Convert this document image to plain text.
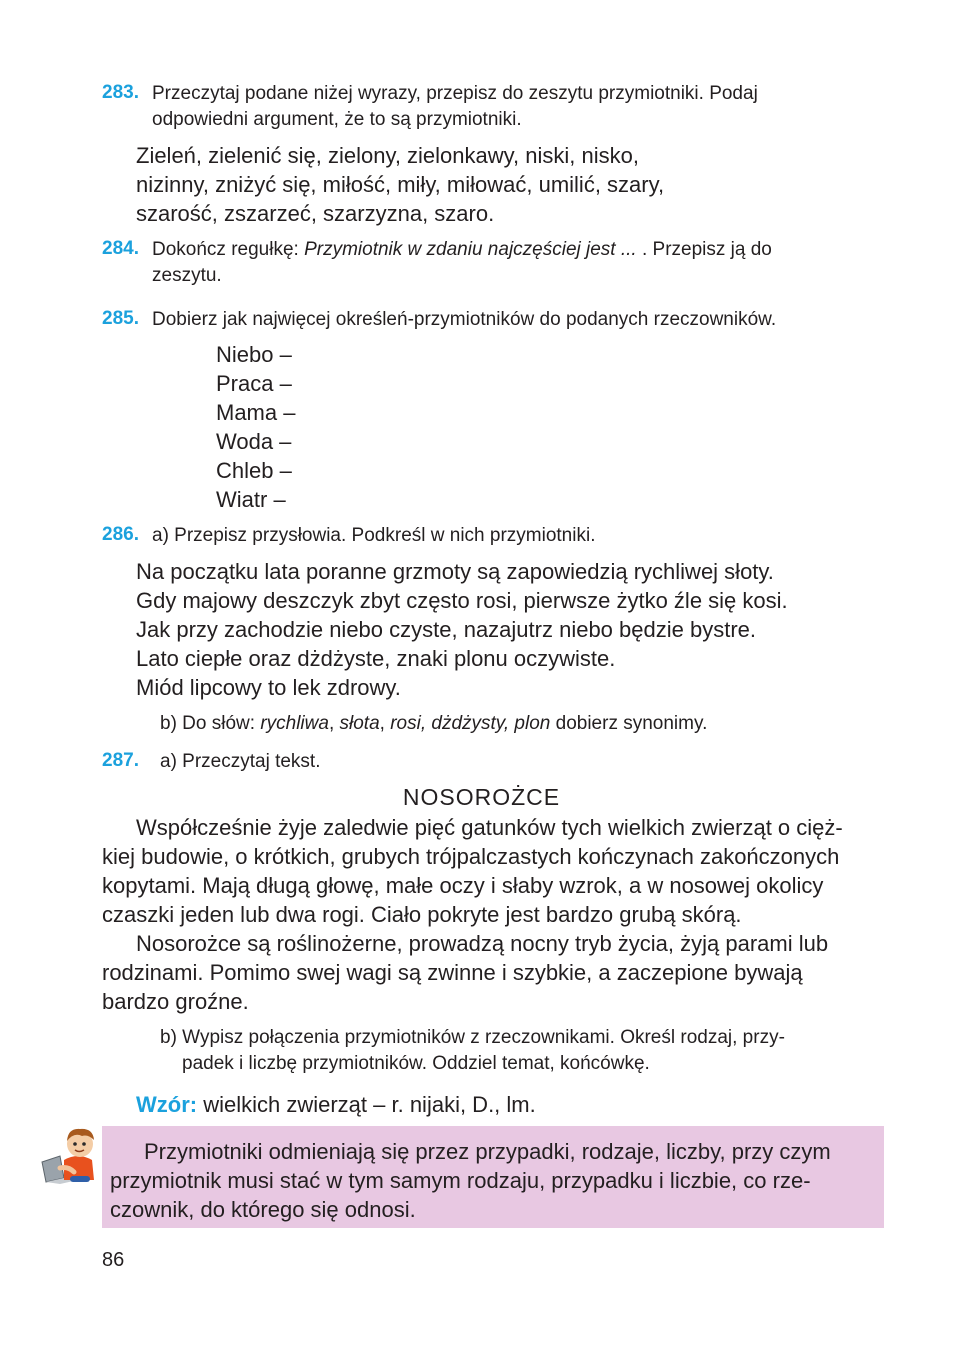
283. Przeczytaj podane niżej wyrazy, przepisz do zeszytu przymiotniki. Podaj
odpowiedni argument, że to są przymiotniki.
Zieleń, zielenić się, zielony, zielonkawy, niski, nisko,
nizinny, zniżyć się, miłość, miły, miłować, umilić, szary,
szarość, zszarzeć, szarzyzna, szaro.
284. Dokończ regułkę: Przymiotnik w zdaniu najczęściej jest ... . Przepisz ją do
zeszytu.
285. Dobierz jak najwięcej określeń-przymiotników do podanych rzeczowników.
Niebo –
Praca –
Mama –
Woda –
Chleb –
Wiatr –
286. a) Przepisz przysłowia. Podkreśl w nich przymiotniki.
Na początku lata poranne grzmoty są zapowiedzią rychliwej słoty.
Gdy majowy deszczyk zbyt często rosi, pierwsze żytko źle się kosi.
Jak przy zachodzie niebo czyste, nazajutrz niebo będzie bystre.
Lato ciepłe oraz dżdżyste, znaki plonu oczywiste.
Miód lipcowy to lek zdrowy.
b) Do słów: rychliwa, słota, rosi, dżdżysty, plon dobierz synonimy.
287. a) Przeczytaj tekst.
NOSOROŻCE
Współcześnie żyje zaledwie pięć gatunków tych wielkich zwierząt o cięż-
kiej budowie, o krótkich, grubych trójpalczastych kończynach zakończonych
kopytami. Mają długą głowę, małe oczy i słaby wzrok, a w nosowej okolicy
czaszki jeden lub dwa rogi. Ciało pokryte jest bardzo grubą skórą.
Nosorożce są roślinożerne, prowadzą nocny tryb życia, żyją parami lub
rodzinami. Pomimo swej wagi są zwinne i szybkie, a zaczepione bywają
bardzo groźne.
b) Wypisz połączenia przymiotników z rzeczownikami. Określ rodzaj, przy-
padek i liczbę przymiotników. Oddziel temat, końcówkę.
Wzór: wielkich zwierząt – r. nijaki, D., lm.
Przymiotniki odmieniają się przez przypadki, rodzaje, liczby, przy czym
przymiotnik musi stać w tym samym rodzaju, przypadku i liczbie, co rze-
czownik, do którego się odnosi.
86
